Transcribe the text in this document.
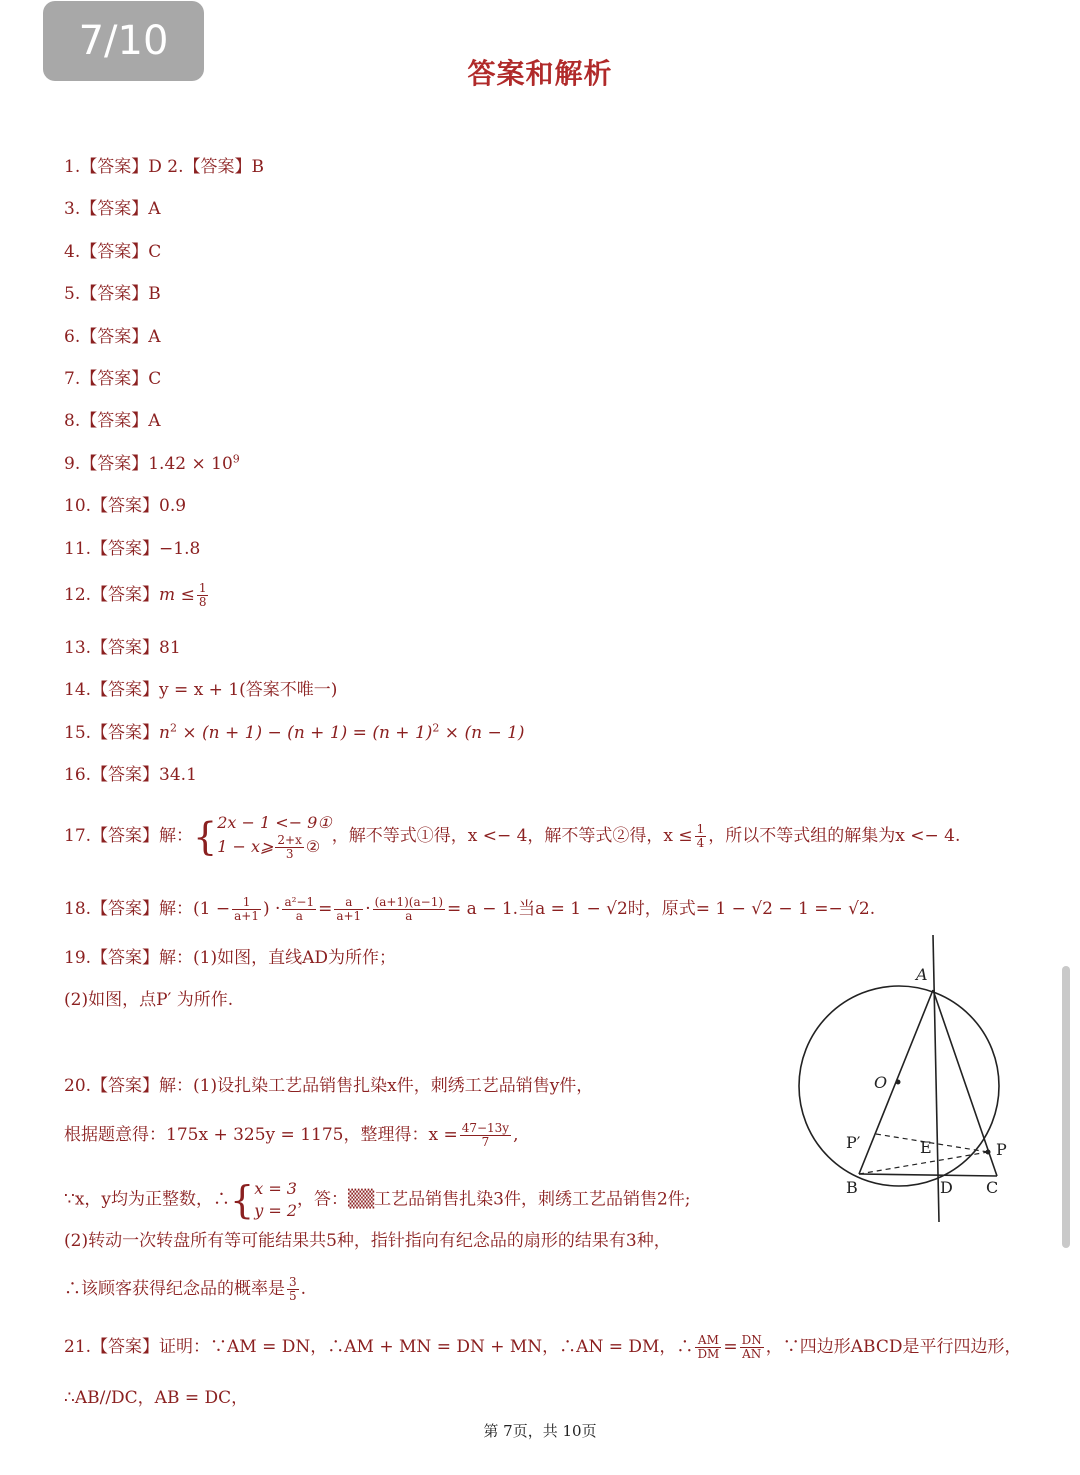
7/10
答案和解析
1.【答案】D 2.【答案】B
3.【答案】A
4.【答案】C
5.【答案】B
6.【答案】A
7.【答案】C
8.【答案】A
9.【答案】$1.42 \times 10^9$
10.【答案】0.9
11.【答案】−1.8
12.【答案】$m \le \frac{1}{8}$
13.【答案】81
14.【答案】y = x + 1(答案不唯一)
15.【答案】$n^2 \times (n + 1) - (n + 1) = (n + 1)^2 \times (n - 1)$
16.【答案】34.1
17.【答案】解：{ 2x − 1 <− 9①
1 − x⩾ $\frac{2+x}{3}$ ②
，解不等式①得，x <− 4，解不等式②得，$x \le \frac{1}{4}$ ，所以不等式组的解集为x <− 4.
18.【答案】解：($1 - \frac{1}{a+1}$ ) · $\frac{\text{a²−1}}{a} = \frac{a}{a+1} \cdot \frac{(a+1)(a-1)}{a} = a - 1$.当a = 1 − √2时，原式= 1 − √2 − 1 =− √2.
19.【答案】解：(1)如图，直线AD为所作；
(2)如图，点P′ 为所作.
20.【答案】解：(1)设扎染工艺品销售扎染x件，刺绣工艺品销售y件，
根据题意得：175x + 325y = 1175，整理得：$x = \frac{47-13y}{7}$ ,
∵x，y均为正整数，∴{ x = 3
y = 2
，答：▒▒工艺品销售扎染3件，刺绣工艺品销售2件;
(2)转动一次转盘所有等可能结果共5种，指针指向有纪念品的扇形的结果有3种，
∴该顾客获得纪念品的概率是 $\frac{3}{5}$ .
21.【答案】证明：∵AM = DN，∴AM + MN = DN + MN，∴AN = DM，∴ $\frac{AM}{DM} = \frac{DN}{AN}$ ，∵四边形ABCD是平行四边形，
∴AB//DC，AB = DC，
A
O
P′	E	P
B	D C
第 7页，共 10页
